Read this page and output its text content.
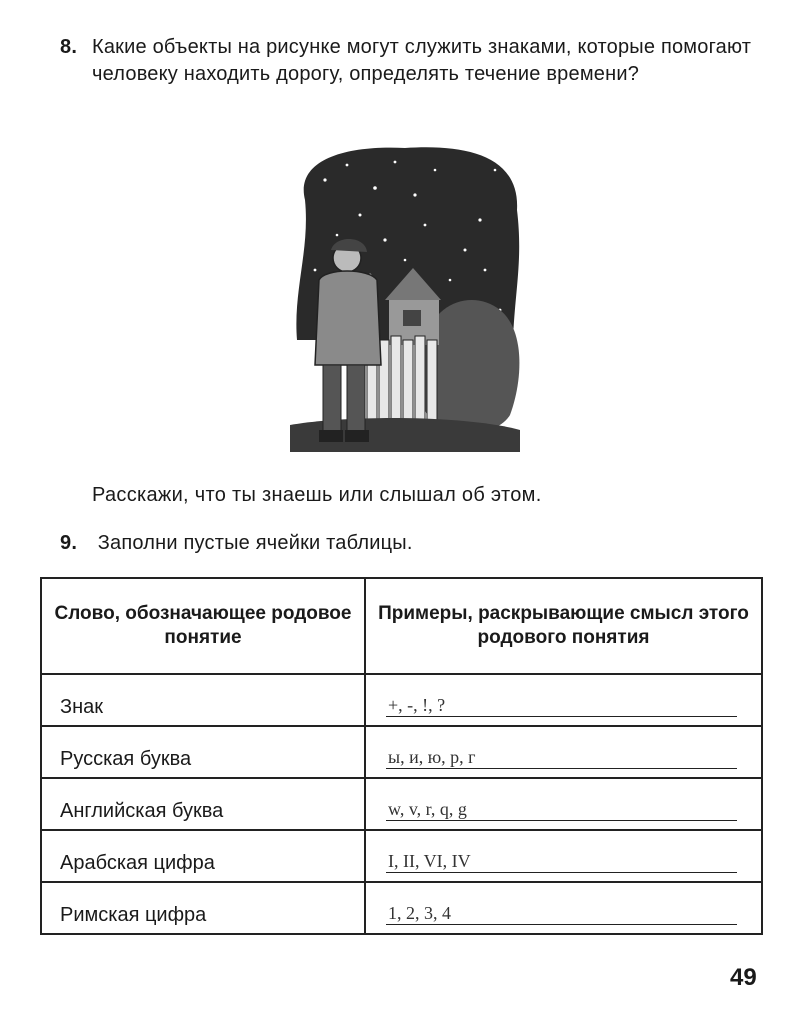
8. Какие объекты на рисунке могут служить знаками, которые помогают человеку находить дорогу, определять течение времени?
Расскажи, что ты знаешь или слышал об этом.
9. Заполни пустые ячейки таблицы.
Слово, обозначающее родовое понятие	Примеры, раскрывающие смысл этого родового понятия
Знак	+, -, !, ?

Русская буква	ы, и, ю, р, г

Английская буква	w, v, r, q, g

Арабская цифра	I, II, VI, IV

Римская цифра	1, 2, 3, 4
49
